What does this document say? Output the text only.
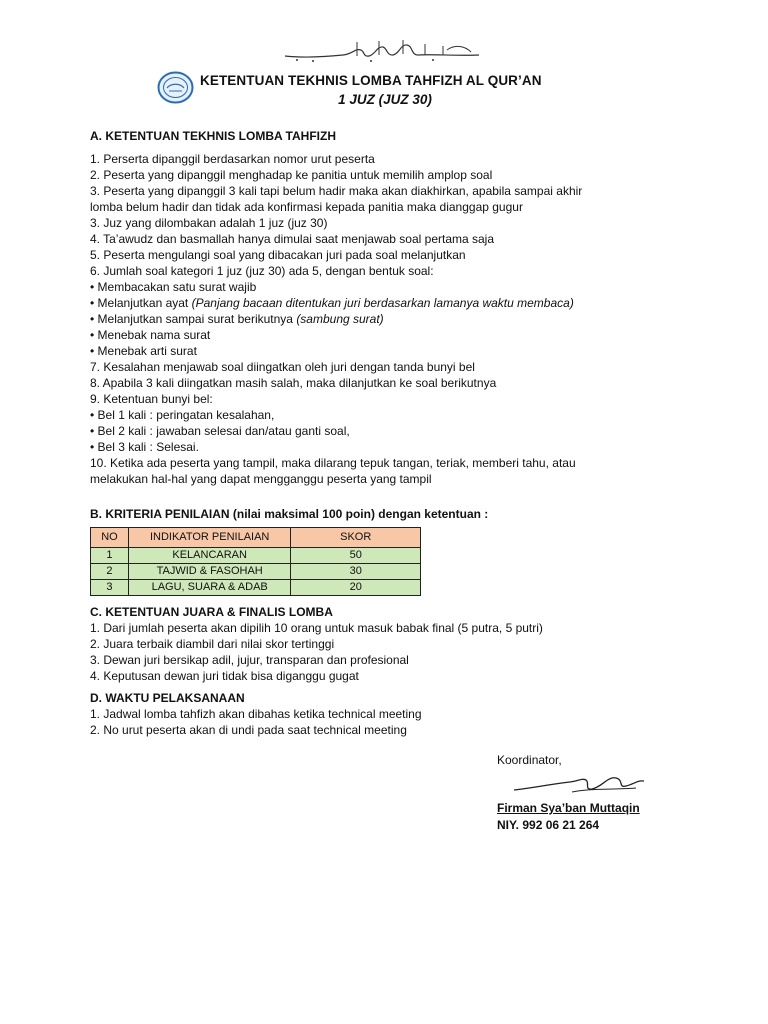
KETENTUAN TEKHNIS LOMBA TAHFIZH AL QUR’AN
1 JUZ (JUZ 30)
A. KETENTUAN TEKHNIS LOMBA TAHFIZH
1. Perserta dipanggil berdasarkan nomor urut peserta
2. Peserta yang dipanggil menghadap ke panitia untuk memilih amplop soal
3. Peserta yang dipanggil 3 kali tapi belum hadir maka akan diakhirkan, apabila sampai akhir
lomba belum hadir dan tidak ada konfirmasi kepada panitia maka dianggap gugur
3. Juz yang dilombakan adalah 1 juz (juz 30)
4. Ta’awudz dan basmallah hanya dimulai saat menjawab soal pertama saja
5. Peserta mengulangi soal yang dibacakan juri pada soal melanjutkan
6. Jumlah soal kategori 1 juz (juz 30) ada 5, dengan bentuk soal:
• Membacakan satu surat wajib
• Melanjutkan ayat (Panjang bacaan ditentukan juri berdasarkan lamanya waktu membaca)
• Melanjutkan sampai surat berikutnya (sambung surat)
• Menebak nama surat
• Menebak arti surat
7. Kesalahan menjawab soal diingatkan oleh juri dengan tanda bunyi bel
8. Apabila 3 kali diingatkan masih salah, maka dilanjutkan ke soal berikutnya
9. Ketentuan bunyi bel:
• Bel 1 kali : peringatan kesalahan,
• Bel 2 kali : jawaban selesai dan/atau ganti soal,
• Bel 3 kali : Selesai.
10. Ketika ada peserta yang tampil, maka dilarang tepuk tangan, teriak, memberi tahu, atau
melakukan hal-hal yang dapat mengganggu peserta yang tampil
B. KRITERIA PENILAIAN (nilai maksimal 100 poin) dengan ketentuan :
NO	INDIKATOR PENILAIAN	SKOR
1	KELANCARAN	50
2	TAJWID & FASOHAH	30
3	LAGU, SUARA & ADAB	20
C. KETENTUAN JUARA & FINALIS LOMBA
1. Dari jumlah peserta akan dipilih 10 orang untuk masuk babak final (5 putra, 5 putri)
2. Juara terbaik diambil dari nilai skor tertinggi
3. Dewan juri bersikap adil, jujur, transparan dan profesional
4. Keputusan dewan juri tidak bisa diganggu gugat
D. WAKTU PELAKSANAAN
1. Jadwal lomba tahfizh akan dibahas ketika technical meeting
2. No urut peserta akan di undi pada saat technical meeting
Koordinator,
Firman Sya’ban Muttaqin
NIY. 992 06 21 264
